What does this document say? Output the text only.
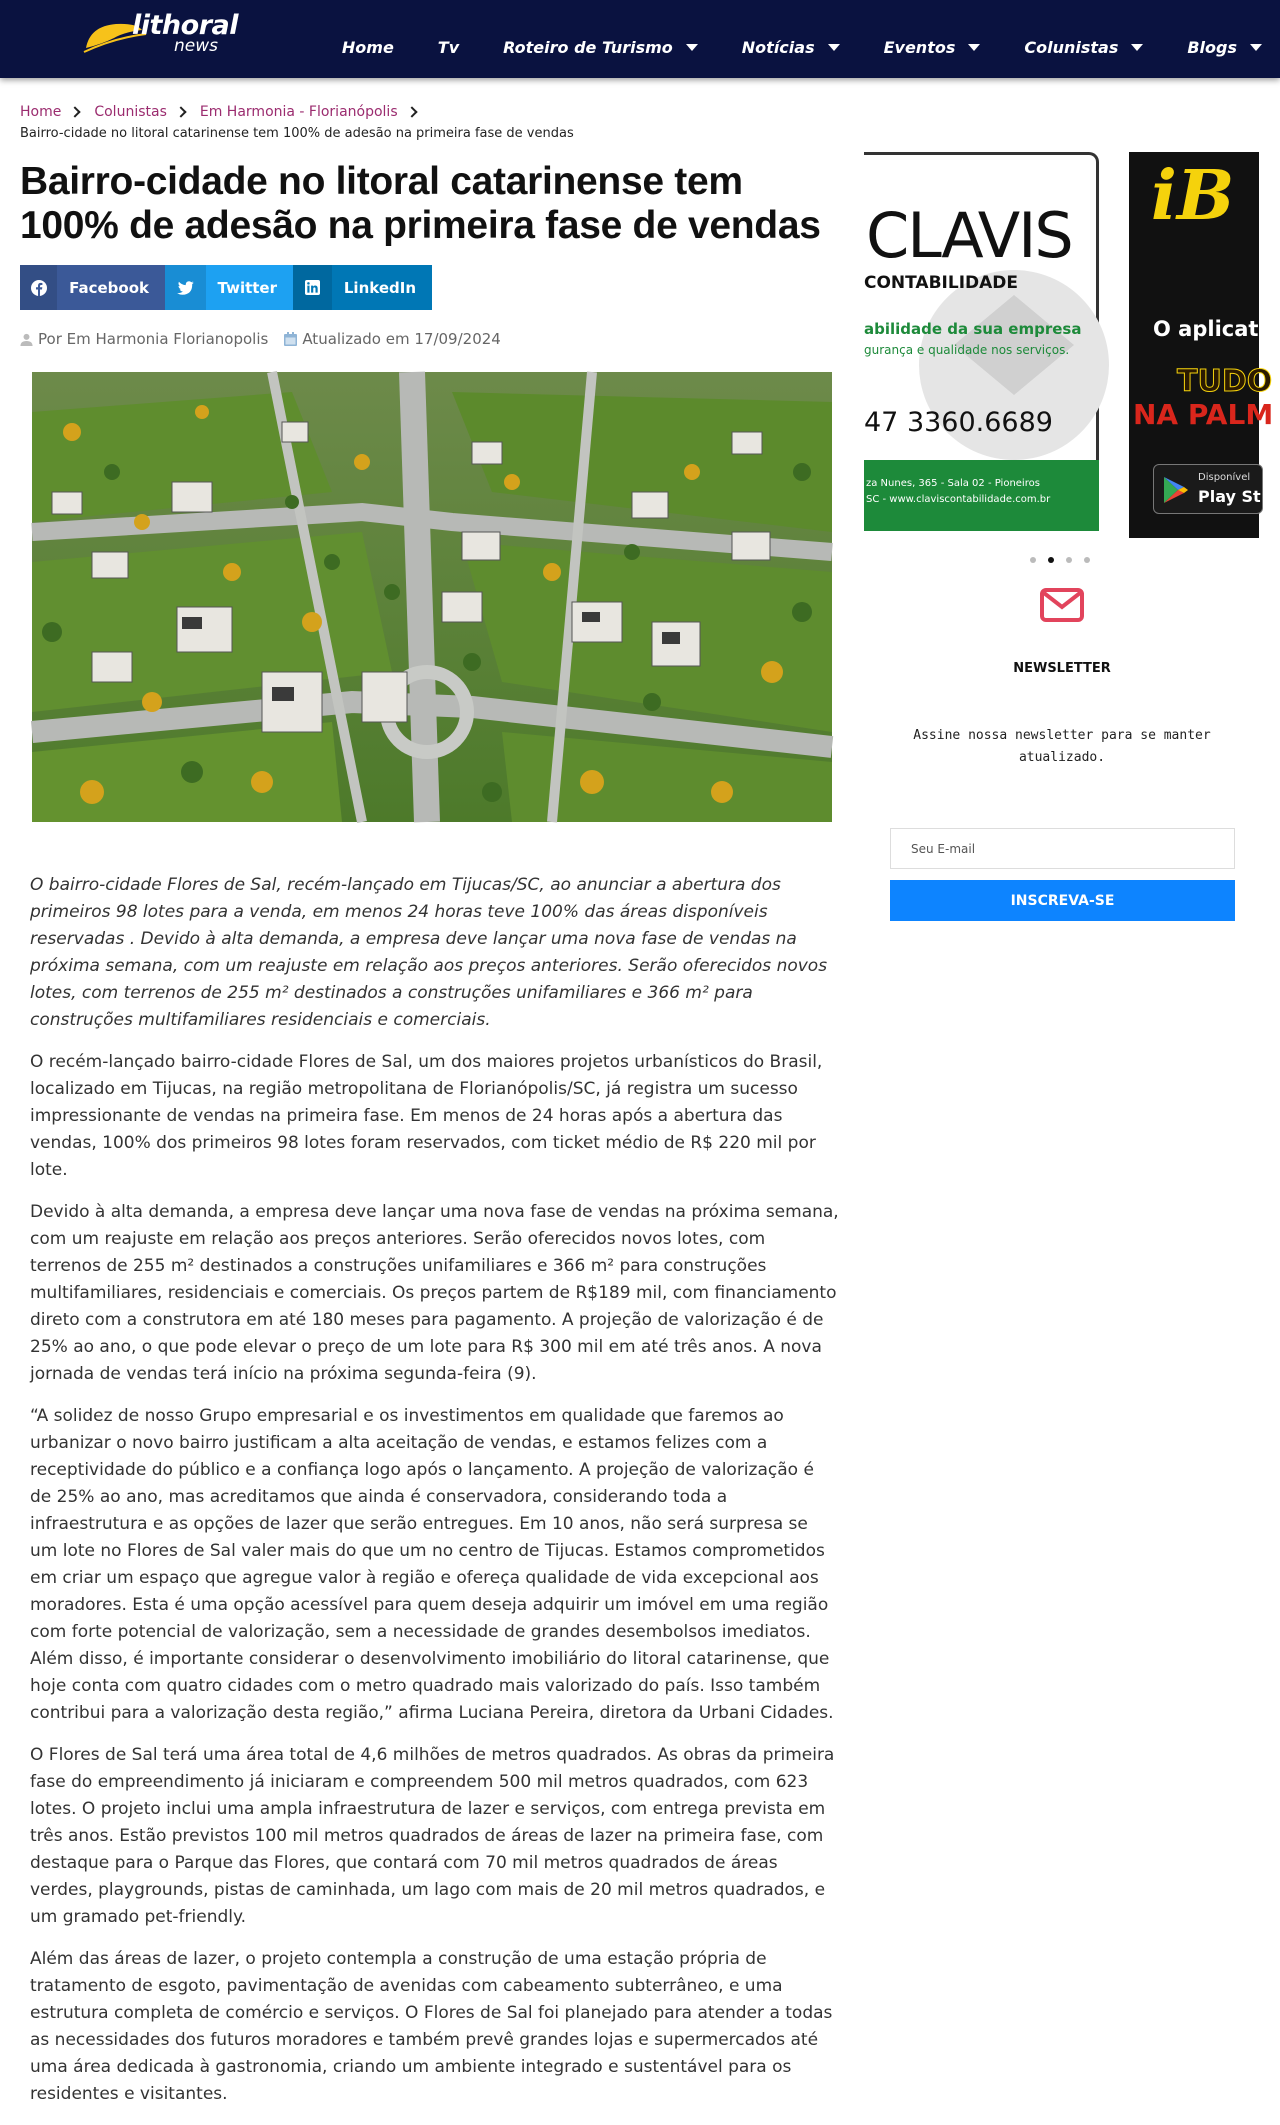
lithoral
news	Home	Tv	Roteiro de Turismo	Notícias	Eventos	Colunistas	Blogs
Home Colunistas Em Harmonia - Florianópolis
Bairro-cidade no litoral catarinense tem 100% de adesão na primeira fase de vendas
Bairro-cidade no litoral catarinense tem 100% de adesão na primeira fase de vendas
Facebook	Twitter	LinkedIn
Por Em Harmonia Florianopolis Atualizado em 17/09/2024

O bairro-cidade Flores de Sal, recém-lançado em Tijucas/SC, ao anunciar a abertura dos primeiros 98 lotes para a venda, em menos 24 horas teve 100% das áreas disponíveis reservadas . Devido à alta demanda, a empresa deve lançar uma nova fase de vendas na próxima semana, com um reajuste em relação aos preços anteriores. Serão oferecidos novos lotes, com terrenos de 255 m² destinados a construções unifamiliares e 366 m² para construções multifamiliares residenciais e comerciais.

O recém-lançado bairro-cidade Flores de Sal, um dos maiores projetos urbanísticos do Brasil, localizado em Tijucas, na região metropolitana de Florianópolis/SC, já registra um sucesso impressionante de vendas na primeira fase. Em menos de 24 horas após a abertura das vendas, 100% dos primeiros 98 lotes foram reservados, com ticket médio de R$ 220 mil por lote.

Devido à alta demanda, a empresa deve lançar uma nova fase de vendas na próxima semana, com um reajuste em relação aos preços anteriores. Serão oferecidos novos lotes, com terrenos de 255 m² destinados a construções unifamiliares e 366 m² para construções multifamiliares, residenciais e comerciais. Os preços partem de R$189 mil, com financiamento direto com a construtora em até 180 meses para pagamento. A projeção de valorização é de 25% ao ano, o que pode elevar o preço de um lote para R$ 300 mil em até três anos. A nova jornada de vendas terá início na próxima segunda-feira (9).

“A solidez de nosso Grupo empresarial e os investimentos em qualidade que faremos ao urbanizar o novo bairro justificam a alta aceitação de vendas, e estamos felizes com a receptividade do público e a confiança logo após o lançamento. A projeção de valorização é de 25% ao ano, mas acreditamos que ainda é conservadora, considerando toda a infraestrutura e as opções de lazer que serão entregues. Em 10 anos, não será surpresa se um lote no Flores de Sal valer mais do que um no centro de Tijucas. Estamos comprometidos em criar um espaço que agregue valor à região e ofereça qualidade de vida excepcional aos moradores. Esta é uma opção acessível para quem deseja adquirir um imóvel em uma região com forte potencial de valorização, sem a necessidade de grandes desembolsos imediatos. Além disso, é importante considerar o desenvolvimento imobiliário do litoral catarinense, que hoje conta com quatro cidades com o metro quadrado mais valorizado do país. Isso também contribui para a valorização desta região,” afirma Luciana Pereira, diretora da Urbani Cidades.

O Flores de Sal terá uma área total de 4,6 milhões de metros quadrados. As obras da primeira fase do empreendimento já iniciaram e compreendem 500 mil metros quadrados, com 623 lotes. O projeto inclui uma ampla infraestrutura de lazer e serviços, com entrega prevista em três anos. Estão previstos 100 mil metros quadrados de áreas de lazer na primeira fase, com destaque para o Parque das Flores, que contará com 70 mil metros quadrados de áreas verdes, playgrounds, pistas de caminhada, um lago com mais de 20 mil metros quadrados, e um gramado pet-friendly.

Além das áreas de lazer, o projeto contempla a construção de uma estação própria de tratamento de esgoto, pavimentação de avenidas com cabeamento subterrâneo, e uma estrutura completa de comércio e serviços. O Flores de Sal foi planejado para atender a todas as necessidades dos futuros moradores e também prevê grandes lojas e supermercados até uma área dedicada à gastronomia, criando um ambiente integrado e sustentável para os residentes e visitantes.

CLAVIS
CONTABILIDADE
abilidade da sua empresa
gurança e qualidade nos serviços.
47 3360.6689
za Nunes, 365 - Sala 02 - Pioneiros
SC - www.claviscontabilidade.com.br
iB
O aplicati
TUDO
NA PALM
Disponível
Play St
NEWSLETTER
Assine nossa newsletter para se manter atualizado.
Seu E-mail
INSCREVA-SE
